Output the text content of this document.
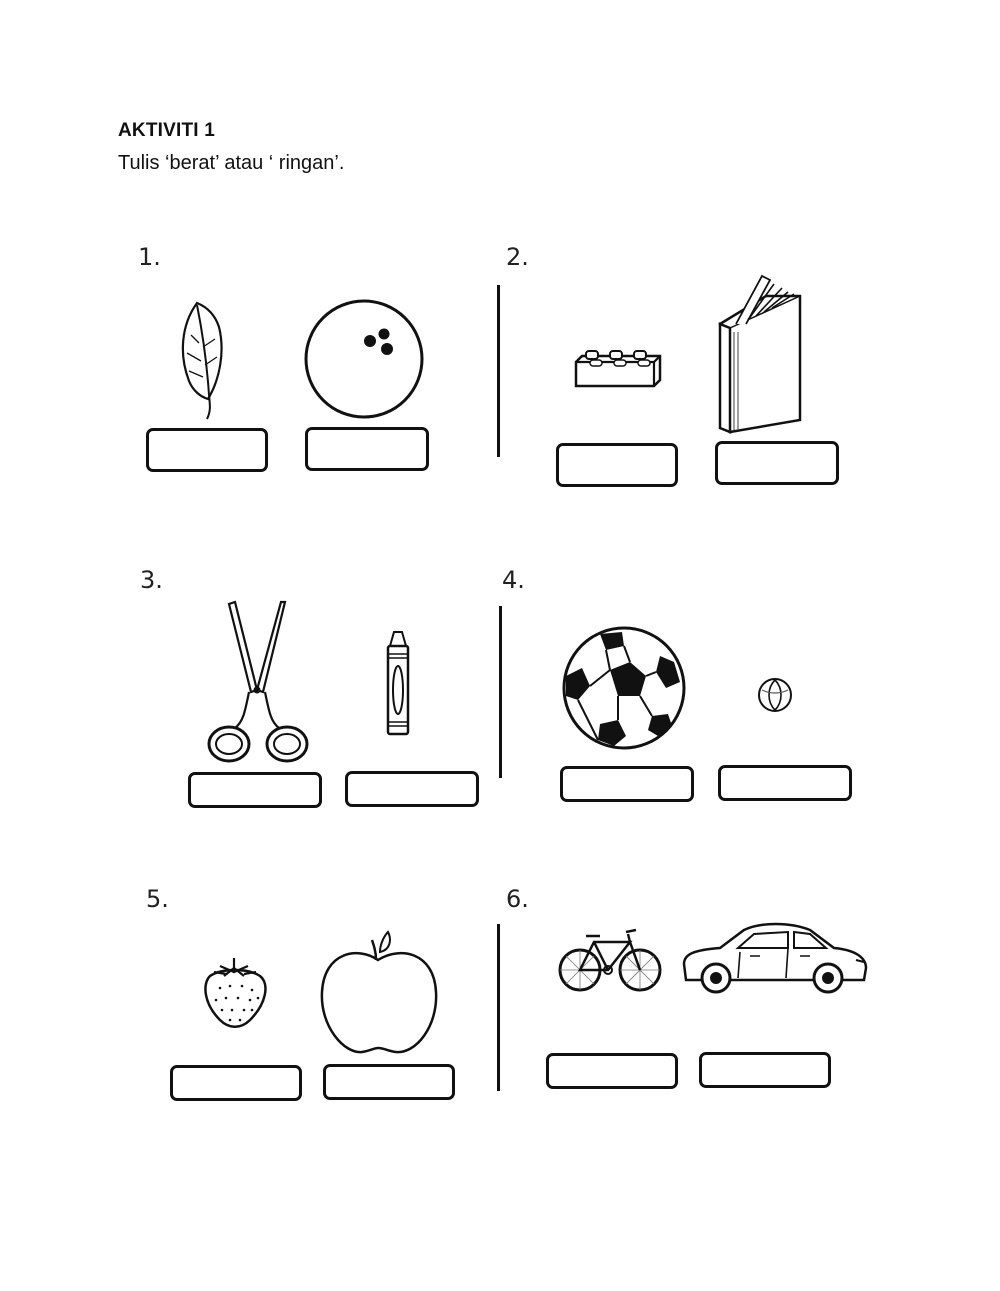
AKTIVITI 1
Tulis ‘berat’ atau ‘ ringan’.
1.	2.
3.	4.
5.	6.
